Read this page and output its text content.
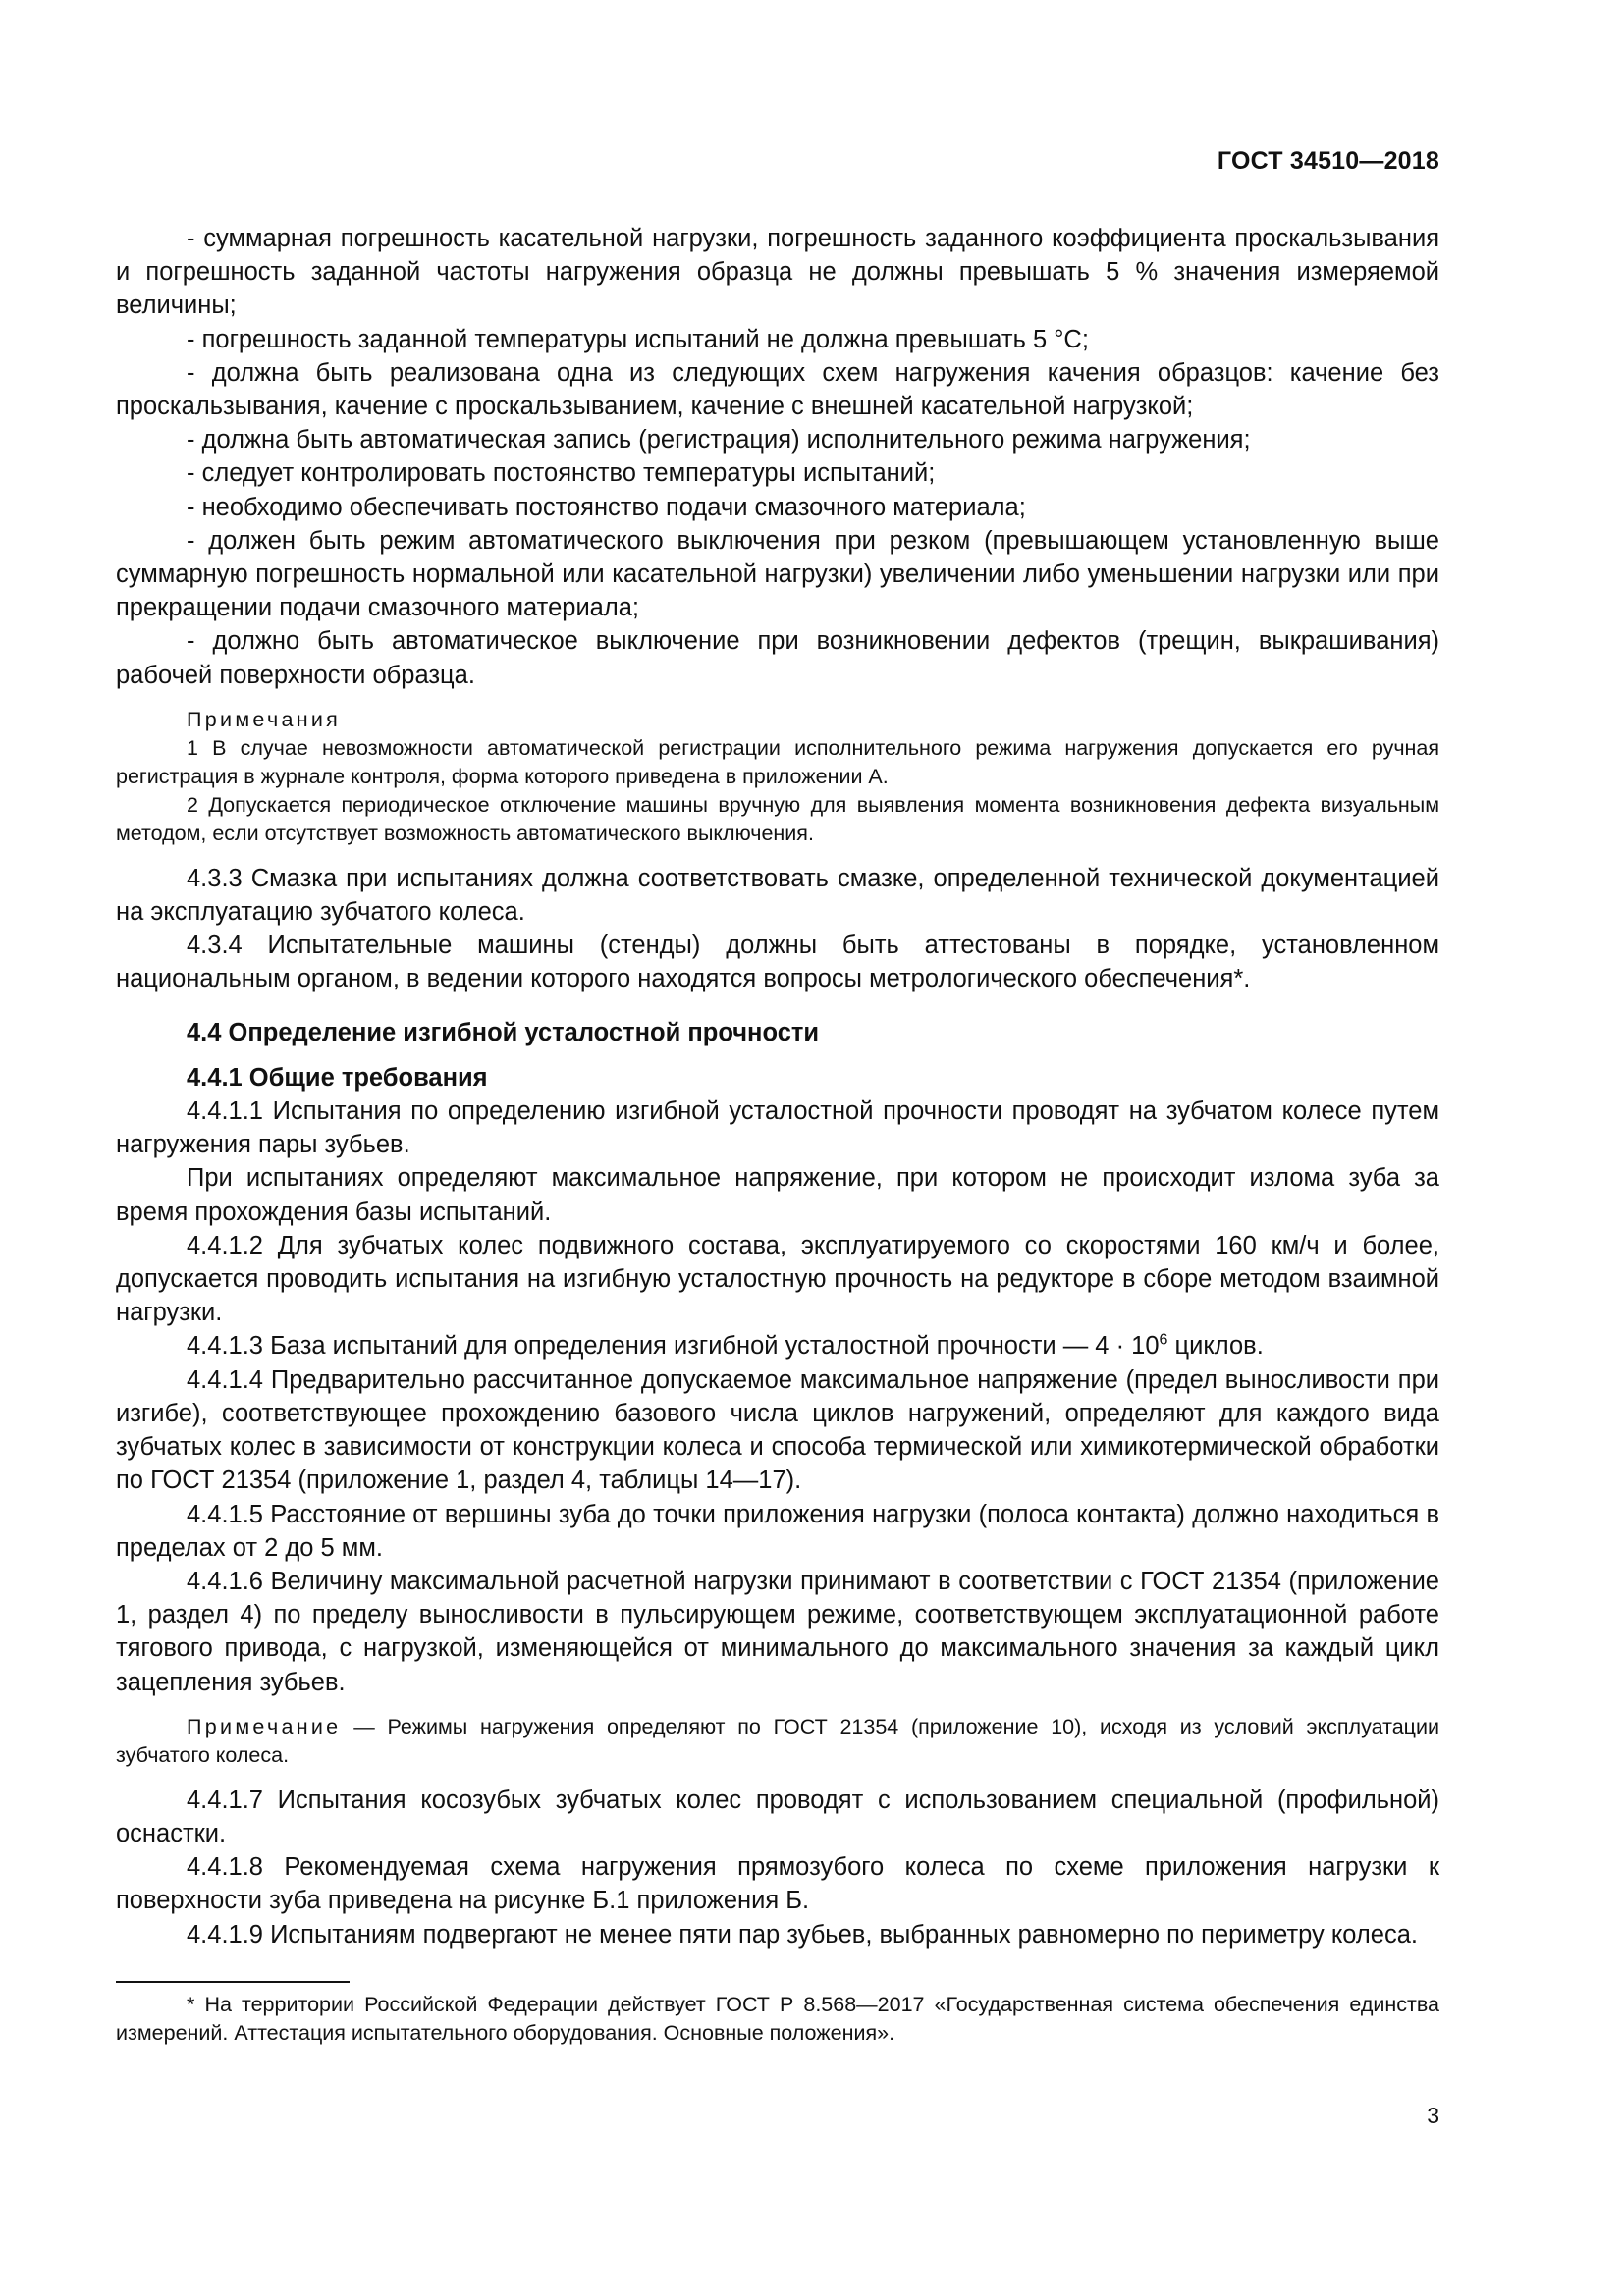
ГОСТ 34510—2018

- суммарная погрешность касательной нагрузки, погрешность заданного коэффициента проскальзывания и погрешность заданной частоты нагружения образца не должны превышать 5 % значения измеряемой величины;

- погрешность заданной температуры испытаний не должна превышать 5 °C;

- должна быть реализована одна из следующих схем нагружения качения образцов: качение без проскальзывания, качение с проскальзыванием, качение с внешней касательной нагрузкой;

- должна быть автоматическая запись (регистрация) исполнительного режима нагружения;

- следует контролировать постоянство температуры испытаний;

- необходимо обеспечивать постоянство подачи смазочного материала;

- должен быть режим автоматического выключения при резком (превышающем установленную выше суммарную погрешность нормальной или касательной нагрузки) увеличении либо уменьшении нагрузки или при прекращении подачи смазочного материала;

- должно быть автоматическое выключение при возникновении дефектов (трещин, выкрашивания) рабочей поверхности образца.

Примечания

1 В случае невозможности автоматической регистрации исполнительного режима нагружения допускается его ручная регистрация в журнале контроля, форма которого приведена в приложении А.

2 Допускается периодическое отключение машины вручную для выявления момента возникновения дефекта визуальным методом, если отсутствует возможность автоматического выключения.

4.3.3 Смазка при испытаниях должна соответствовать смазке, определенной технической документацией на эксплуатацию зубчатого колеса.

4.3.4 Испытательные машины (стенды) должны быть аттестованы в порядке, установленном национальным органом, в ведении которого находятся вопросы метрологического обеспечения*.

4.4 Определение изгибной усталостной прочности

4.4.1 Общие требования

4.4.1.1 Испытания по определению изгибной усталостной прочности проводят на зубчатом колесе путем нагружения пары зубьев.

При испытаниях определяют максимальное напряжение, при котором не происходит излома зуба за время прохождения базы испытаний.

4.4.1.2 Для зубчатых колес подвижного состава, эксплуатируемого со скоростями 160 км/ч и более, допускается проводить испытания на изгибную усталостную прочность на редукторе в сборе методом взаимной нагрузки.

4.4.1.3 База испытаний для определения изгибной усталостной прочности — $4 \cdot 10^6$ циклов.

4.4.1.4 Предварительно рассчитанное допускаемое максимальное напряжение (предел выносливости при изгибе), соответствующее прохождению базового числа циклов нагружений, определяют для каждого вида зубчатых колес в зависимости от конструкции колеса и способа термической или химикотермической обработки по ГОСТ 21354 (приложение 1, раздел 4, таблицы 14—17).

4.4.1.5 Расстояние от вершины зуба до точки приложения нагрузки (полоса контакта) должно находиться в пределах от 2 до 5 мм.

4.4.1.6 Величину максимальной расчетной нагрузки принимают в соответствии с ГОСТ 21354 (приложение 1, раздел 4) по пределу выносливости в пульсирующем режиме, соответствующем эксплуатационной работе тягового привода, с нагрузкой, изменяющейся от минимального до максимального значения за каждый цикл зацепления зубьев.

Примечание — Режимы нагружения определяют по ГОСТ 21354 (приложение 10), исходя из условий эксплуатации зубчатого колеса.

4.4.1.7 Испытания косозубых зубчатых колес проводят с использованием специальной (профильной) оснастки.

4.4.1.8 Рекомендуемая схема нагружения прямозубого колеса по схеме приложения нагрузки к поверхности зуба приведена на рисунке Б.1 приложения Б.

4.4.1.9 Испытаниям подвергают не менее пяти пар зубьев, выбранных равномерно по периметру колеса.

* На территории Российской Федерации действует ГОСТ Р 8.568—2017 «Государственная система обеспечения единства измерений. Аттестация испытательного оборудования. Основные положения».

3
